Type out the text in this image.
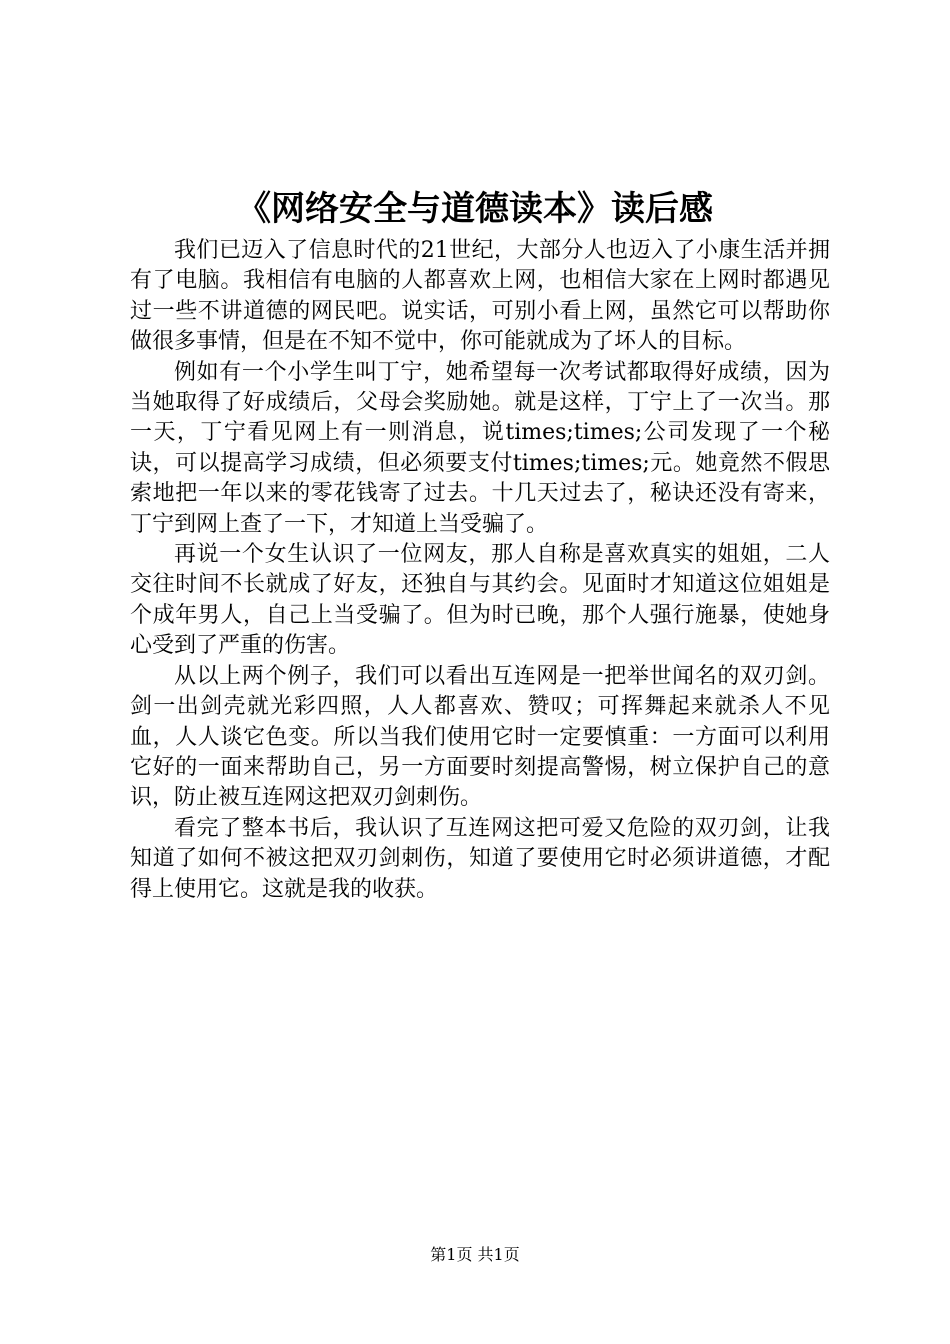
《网络安全与道德读本》读后感

我们已迈入了信息时代的21世纪，大部分人也迈入了小康生活并拥有了电脑。我相信有电脑的人都喜欢上网，也相信大家在上网时都遇见过一些不讲道德的网民吧。说实话，可别小看上网，虽然它可以帮助你做很多事情，但是在不知不觉中，你可能就成为了坏人的目标。

例如有一个小学生叫丁宁，她希望每一次考试都取得好成绩，因为当她取得了好成绩后，父母会奖励她。就是这样，丁宁上了一次当。那一天，丁宁看见网上有一则消息，说times;times;公司发现了一个秘诀，可以提高学习成绩，但必须要支付times;times;元。她竟然不假思索地把一年以来的零花钱寄了过去。十几天过去了，秘诀还没有寄来，丁宁到网上查了一下，才知道上当受骗了。

再说一个女生认识了一位网友，那人自称是喜欢真实的姐姐，二人交往时间不长就成了好友，还独自与其约会。见面时才知道这位姐姐是个成年男人，自己上当受骗了。但为时已晚，那个人强行施暴，使她身心受到了严重的伤害。

从以上两个例子，我们可以看出互连网是一把举世闻名的双刃剑。剑一出剑壳就光彩四照，人人都喜欢、赞叹；可挥舞起来就杀人不见血，人人谈它色变。所以当我们使用它时一定要慎重：一方面可以利用它好的一面来帮助自己，另一方面要时刻提高警惕，树立保护自己的意识，防止被互连网这把双刃剑刺伤。

看完了整本书后，我认识了互连网这把可爱又危险的双刃剑，让我知道了如何不被这把双刃剑刺伤，知道了要使用它时必须讲道德，才配得上使用它。这就是我的收获。

第1页 共1页
